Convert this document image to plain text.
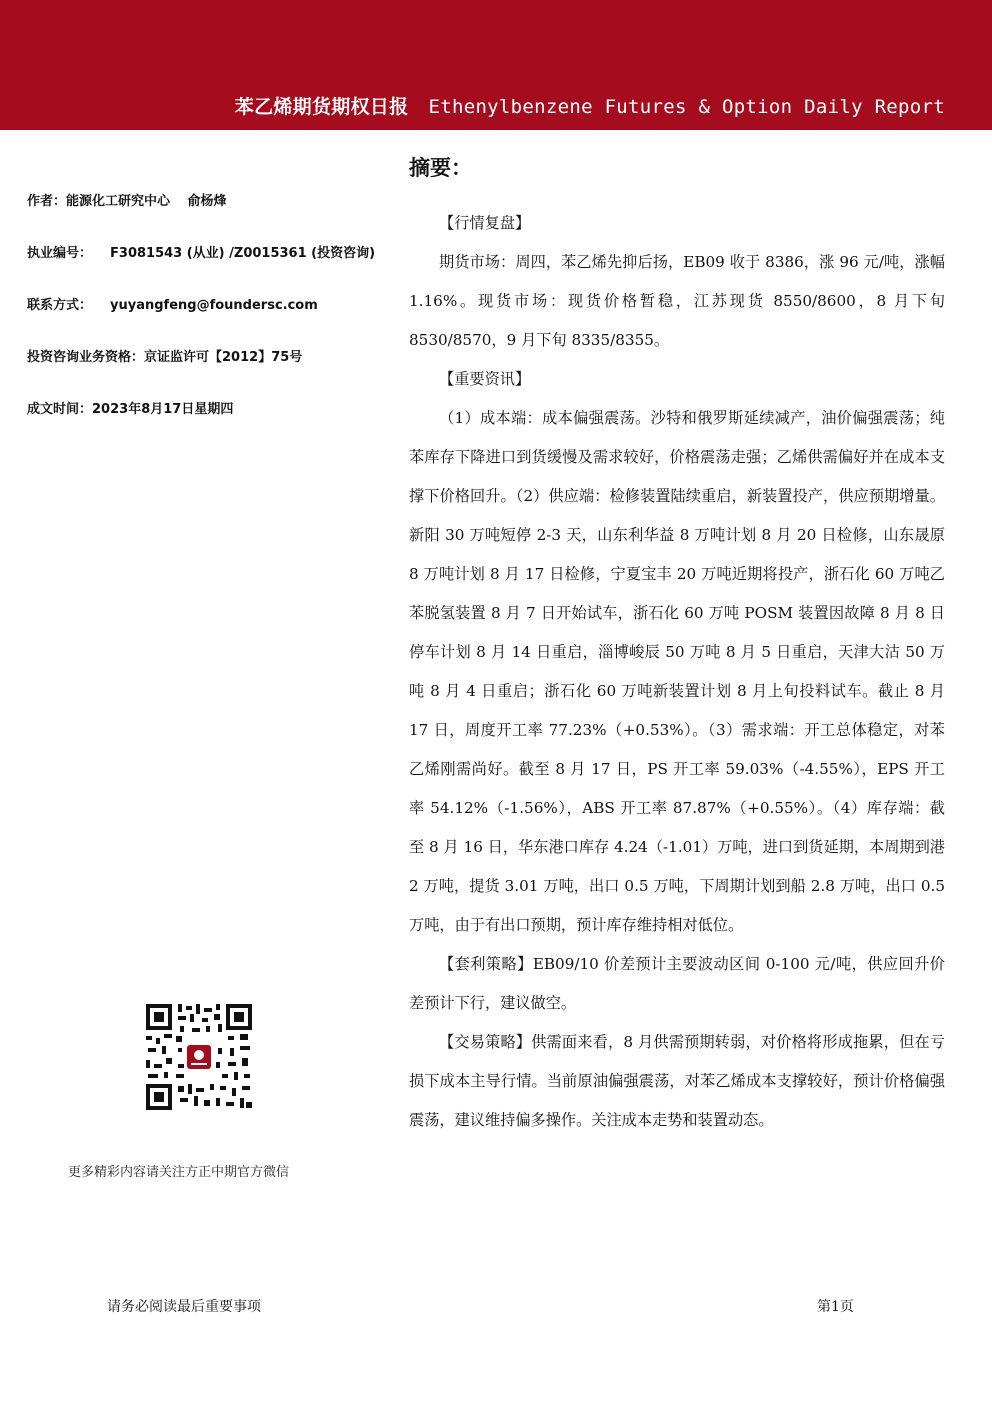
苯乙烯期货期权日报 Ethenylbenzene Futures & Option Daily Report
作者：能源化工研究中心　 俞杨烽
执业编号： F3081543 (从业) /Z0015361 (投资咨询)
联系方式： yuyangfeng@foundersc.com
投资咨询业务资格：京证监许可【2012】75号
成文时间：2023年8月17日星期四
更多精彩内容请关注方正中期官方微信
摘要：

【行情复盘】

期货市场：周四，苯乙烯先抑后扬，EB09 收于 8386，涨 96 元/吨，涨幅 1.16%。现货市场：现货价格暂稳，江苏现货 8550/8600，8 月下旬 8530/8570，9 月下旬 8335/8355。

【重要资讯】

（1）成本端：成本偏强震荡。沙特和俄罗斯延续减产，油价偏强震荡；纯苯库存下降进口到货缓慢及需求较好，价格震荡走强；乙烯供需偏好并在成本支撑下价格回升。（2）供应端：检修装置陆续重启，新装置投产，供应预期增量。新阳 30 万吨短停 2-3 天，山东利华益 8 万吨计划 8 月 20 日检修，山东晟原 8 万吨计划 8 月 17 日检修，宁夏宝丰 20 万吨近期将投产，浙石化 60 万吨乙苯脱氢装置 8 月 7 日开始试车，浙石化 60 万吨 POSM 装置因故障 8 月 8 日停车计划 8 月 14 日重启，淄博峻辰 50 万吨 8 月 5 日重启，天津大沽 50 万吨 8 月 4 日重启；浙石化 60 万吨新装置计划 8 月上旬投料试车。截止 8 月 17 日，周度开工率 77.23%（+0.53%）。（3）需求端：开工总体稳定，对苯乙烯刚需尚好。截至 8 月 17 日，PS 开工率 59.03%（-4.55%），EPS 开工率 54.12%（-1.56%），ABS 开工率 87.87%（+0.55%）。（4）库存端：截至 8 月 16 日，华东港口库存 4.24（-1.01）万吨，进口到货延期，本周期到港 2 万吨，提货 3.01 万吨，出口 0.5 万吨，下周期计划到船 2.8 万吨，出口 0.5 万吨，由于有出口预期，预计库存维持相对低位。

【套利策略】EB09/10 价差预计主要波动区间 0-100 元/吨，供应回升价差预计下行，建议做空。

【交易策略】供需面来看，8 月供需预期转弱，对价格将形成拖累，但在亏损下成本主导行情。当前原油偏强震荡，对苯乙烯成本支撑较好，预计价格偏强震荡，建议维持偏多操作。关注成本走势和装置动态。

请务必阅读最后重要事项	第1页
